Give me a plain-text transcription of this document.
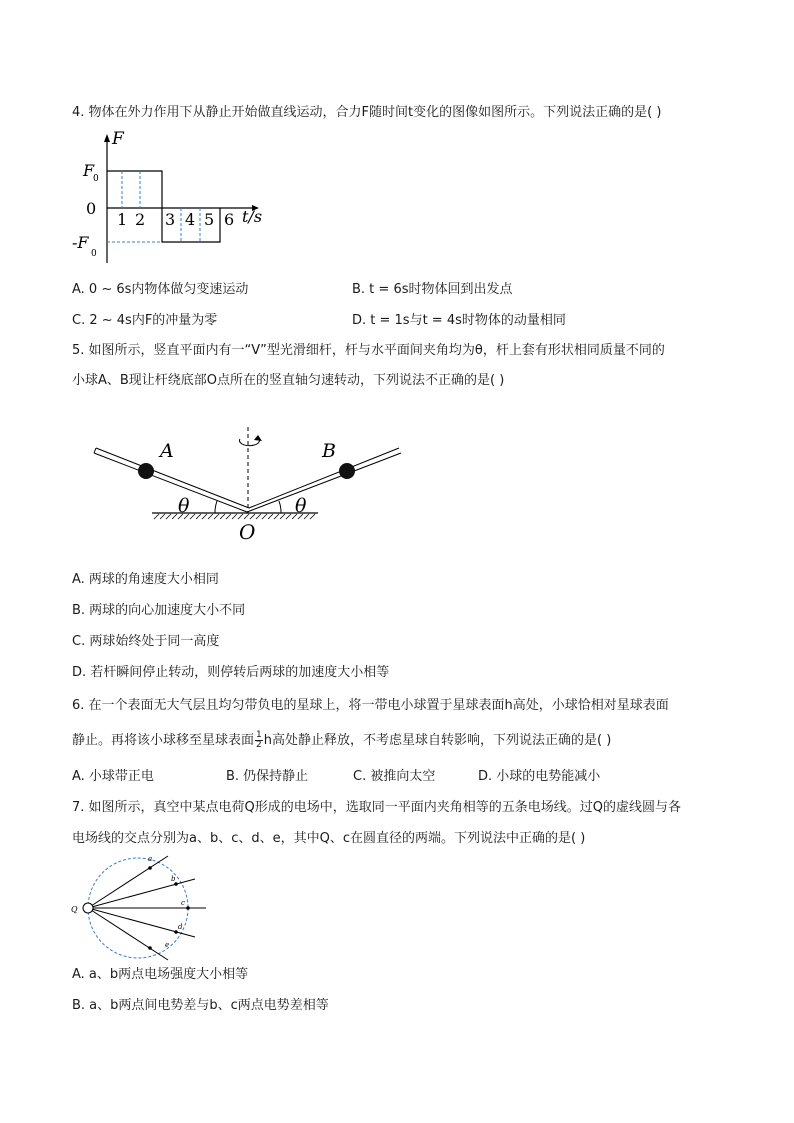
4. 物体在外力作用下从静止开始做直线运动，合力F随时间t变化的图像如图所示。下列说法正确的是( )
F
F
0
0
-F
0
1 2 3 4 5 6 t/s
A. 0 ~ 6s内物体做匀变速运动	B. t = 6s时物体回到出发点
C. 2 ~ 4s内F的冲量为零	D. t = 1s与t = 4s时物体的动量相同
5. 如图所示，竖直平面内有一“V”型光滑细杆，杆与水平面间夹角均为θ，杆上套有形状相同质量不同的
小球A、B现让杆绕底部O点所在的竖直轴匀速转动，下列说法不正确的是( )
A	B
θ	θ
O
A. 两球的角速度大小相同
B. 两球的向心加速度大小不同
C. 两球始终处于同一高度
D. 若杆瞬间停止转动，则停转后两球的加速度大小相等
6. 在一个表面无大气层且均匀带负电的星球上，将一带电小球置于星球表面h高处，小球恰相对星球表面
静止。再将该小球移至星球表面 $\frac{1}{2}$ h高处静止释放，不考虑星球自转影响，下列说法正确的是( )
A. 小球带正电	B. 仍保持静止	C. 被推向太空	D. 小球的电势能减小
7. 如图所示，真空中某点电荷Q形成的电场中，选取同一平面内夹角相等的五条电场线。过Q的虚线圆与各
电场线的交点分别为a、b、c、d、e，其中Q、c在圆直径的两端。下列说法中正确的是( )
Q
a
b
c
d
e
A. a、b两点电场强度大小相等
B. a、b两点间电势差与b、c两点电势差相等
